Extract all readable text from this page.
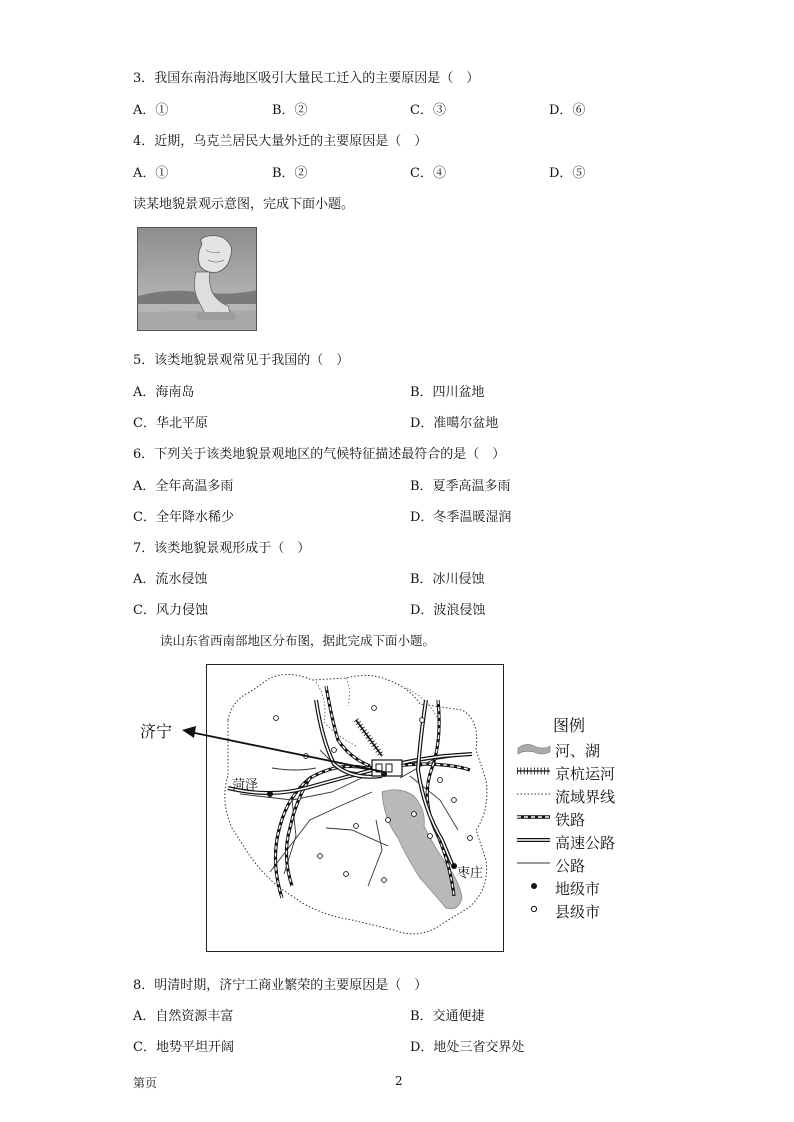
3．我国东南沿海地区吸引大量民工迁入的主要原因是（　）
A．①	B．②	C．③	D．⑥
4．近期，乌克兰居民大量外迁的主要原因是（　）
A．①	B．②	C．④	D．⑤
读某地貌景观示意图，完成下面小题。
5．该类地貌景观常见于我国的（　）
A．海南岛	B．四川盆地
C．华北平原	D．准噶尔盆地
6．下列关于该类地貌景观地区的气候特征描述最符合的是（　）
A．全年高温多雨	B．夏季高温多雨
C．全年降水稀少	D．冬季温暖湿润
7．该类地貌景观形成于（　）
A．流水侵蚀	B．冰川侵蚀
C．风力侵蚀	D．波浪侵蚀
读山东省西南部地区分布图，据此完成下面小题。
济宁
菏泽
枣庄
图例
河、湖
京杭运河
流域界线
铁路
高速公路
公路
地级市
县级市
8．明清时期，济宁工商业繁荣的主要原因是（　）
A．自然资源丰富	B．交通便捷
C．地势平坦开阔	D．地处三省交界处
第页	2
